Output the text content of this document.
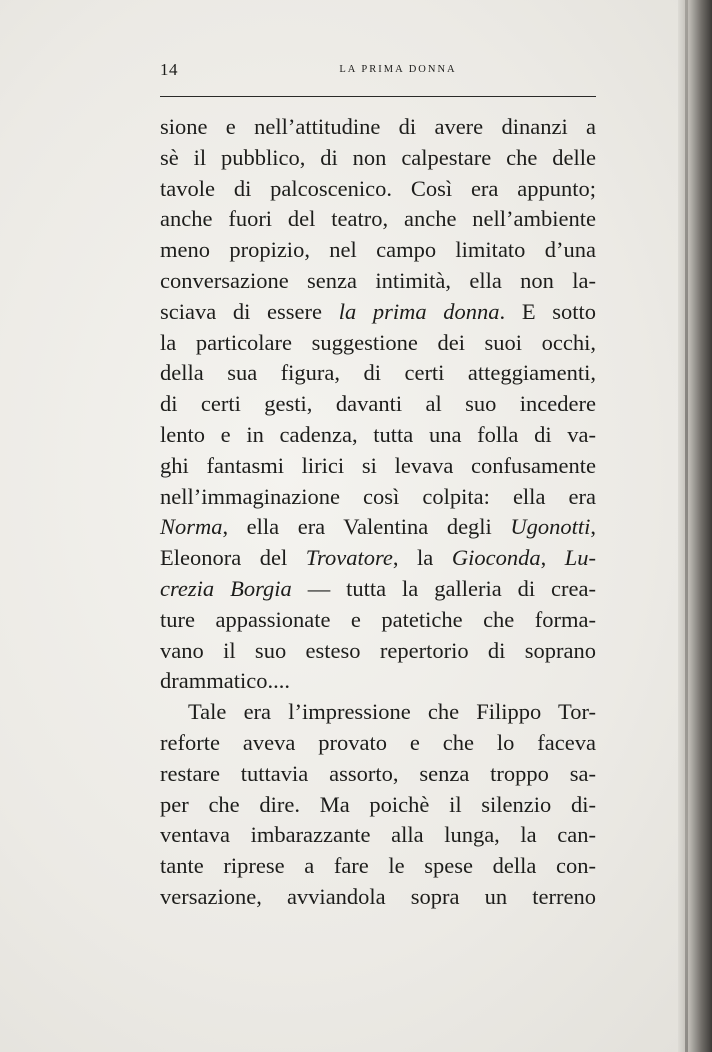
14	LA PRIMA DONNA
sione e nell’attitudine di avere dinanzi a
sè il pubblico, di non calpestare che delle
tavole di palcoscenico. Così era appunto;
anche fuori del teatro, anche nell’ambiente
meno propizio, nel campo limitato d’una
conversazione senza intimità, ella non la-
sciava di essere la prima donna. E sotto
la particolare suggestione dei suoi occhi,
della sua figura, di certi atteggiamenti,
di certi gesti, davanti al suo incedere
lento e in cadenza, tutta una folla di va-
ghi fantasmi lirici si levava confusamente
nell’immaginazione così colpita: ella era
Norma, ella era Valentina degli Ugonotti,
Eleonora del Trovatore, la Gioconda, Lu-
crezia Borgia — tutta la galleria di crea-
ture appassionate e patetiche che forma-
vano il suo esteso repertorio di soprano
drammatico....
Tale era l’impressione che Filippo Tor-
reforte aveva provato e che lo faceva
restare tuttavia assorto, senza troppo sa-
per che dire. Ma poichè il silenzio di-
ventava imbarazzante alla lunga, la can-
tante riprese a fare le spese della con-
versazione, avviandola sopra un terreno
